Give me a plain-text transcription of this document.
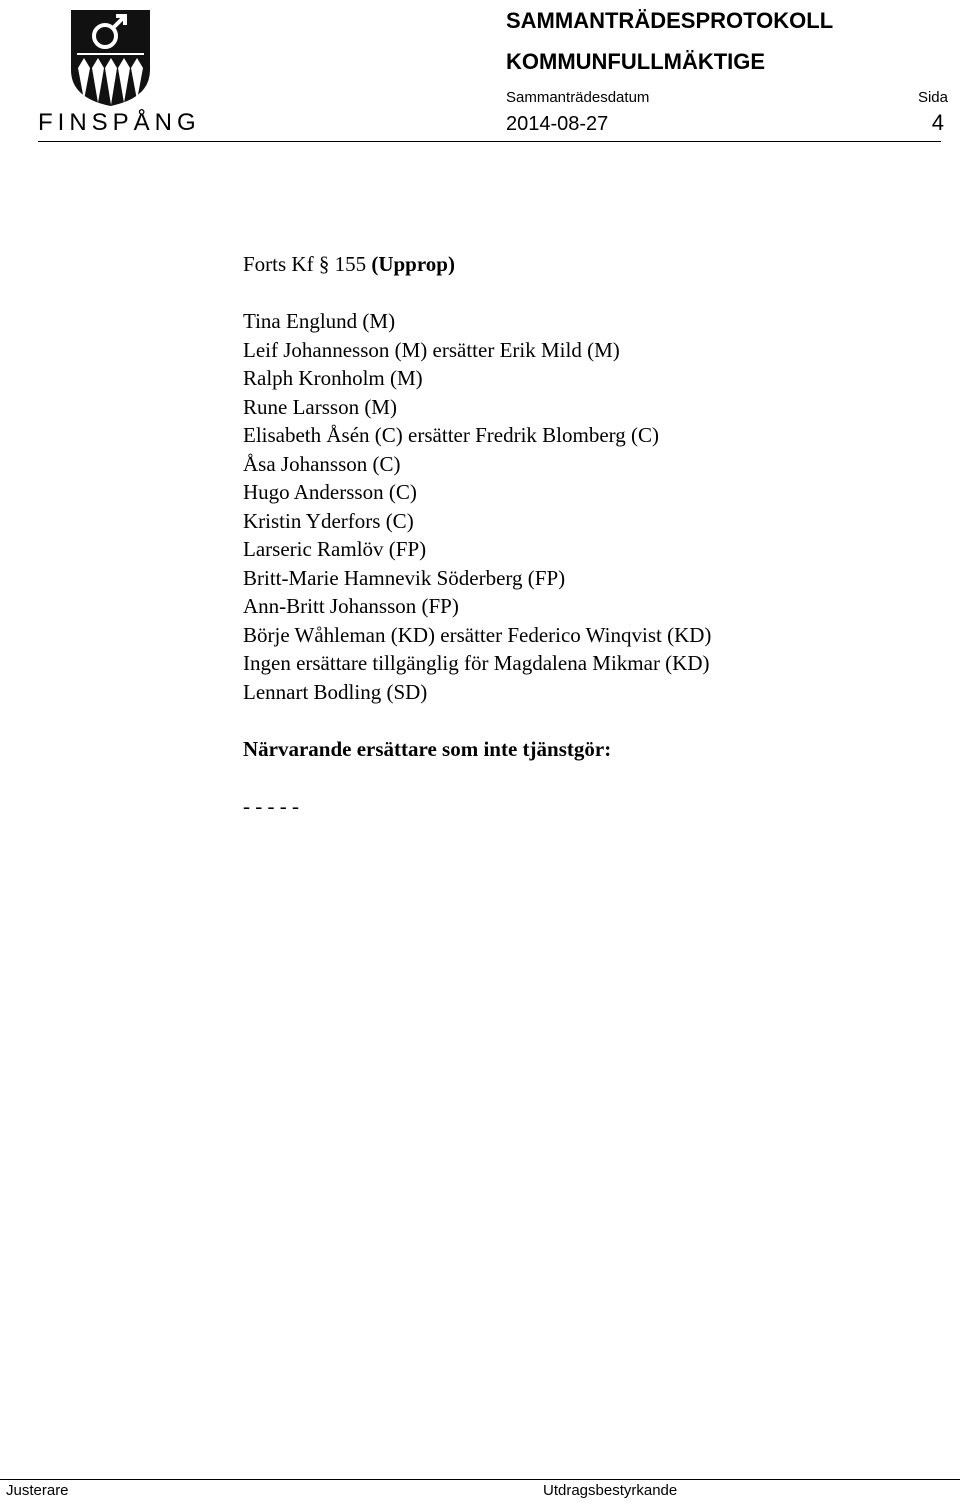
FINSPÅNG
SAMMANTRÄDESPROTOKOLL
KOMMUNFULLMÄKTIGE
Sammanträdesdatum	Sida
2014-08-27	4

Forts Kf § 155 (Upprop)

Tina Englund (M)
Leif Johannesson (M) ersätter Erik Mild (M)
Ralph Kronholm (M)
Rune Larsson (M)
Elisabeth Åsén (C) ersätter Fredrik Blomberg (C)
Åsa Johansson (C)
Hugo Andersson (C)
Kristin Yderfors (C)
Larseric Ramlöv (FP)
Britt-Marie Hamnevik Söderberg (FP)
Ann-Britt Johansson (FP)
Börje Wåhleman (KD) ersätter Federico Winqvist (KD)
Ingen ersättare tillgänglig för Magdalena Mikmar (KD)
Lennart Bodling (SD)

Närvarande ersättare som inte tjänstgör:

- - - - -

Justerare	Utdragsbestyrkande
